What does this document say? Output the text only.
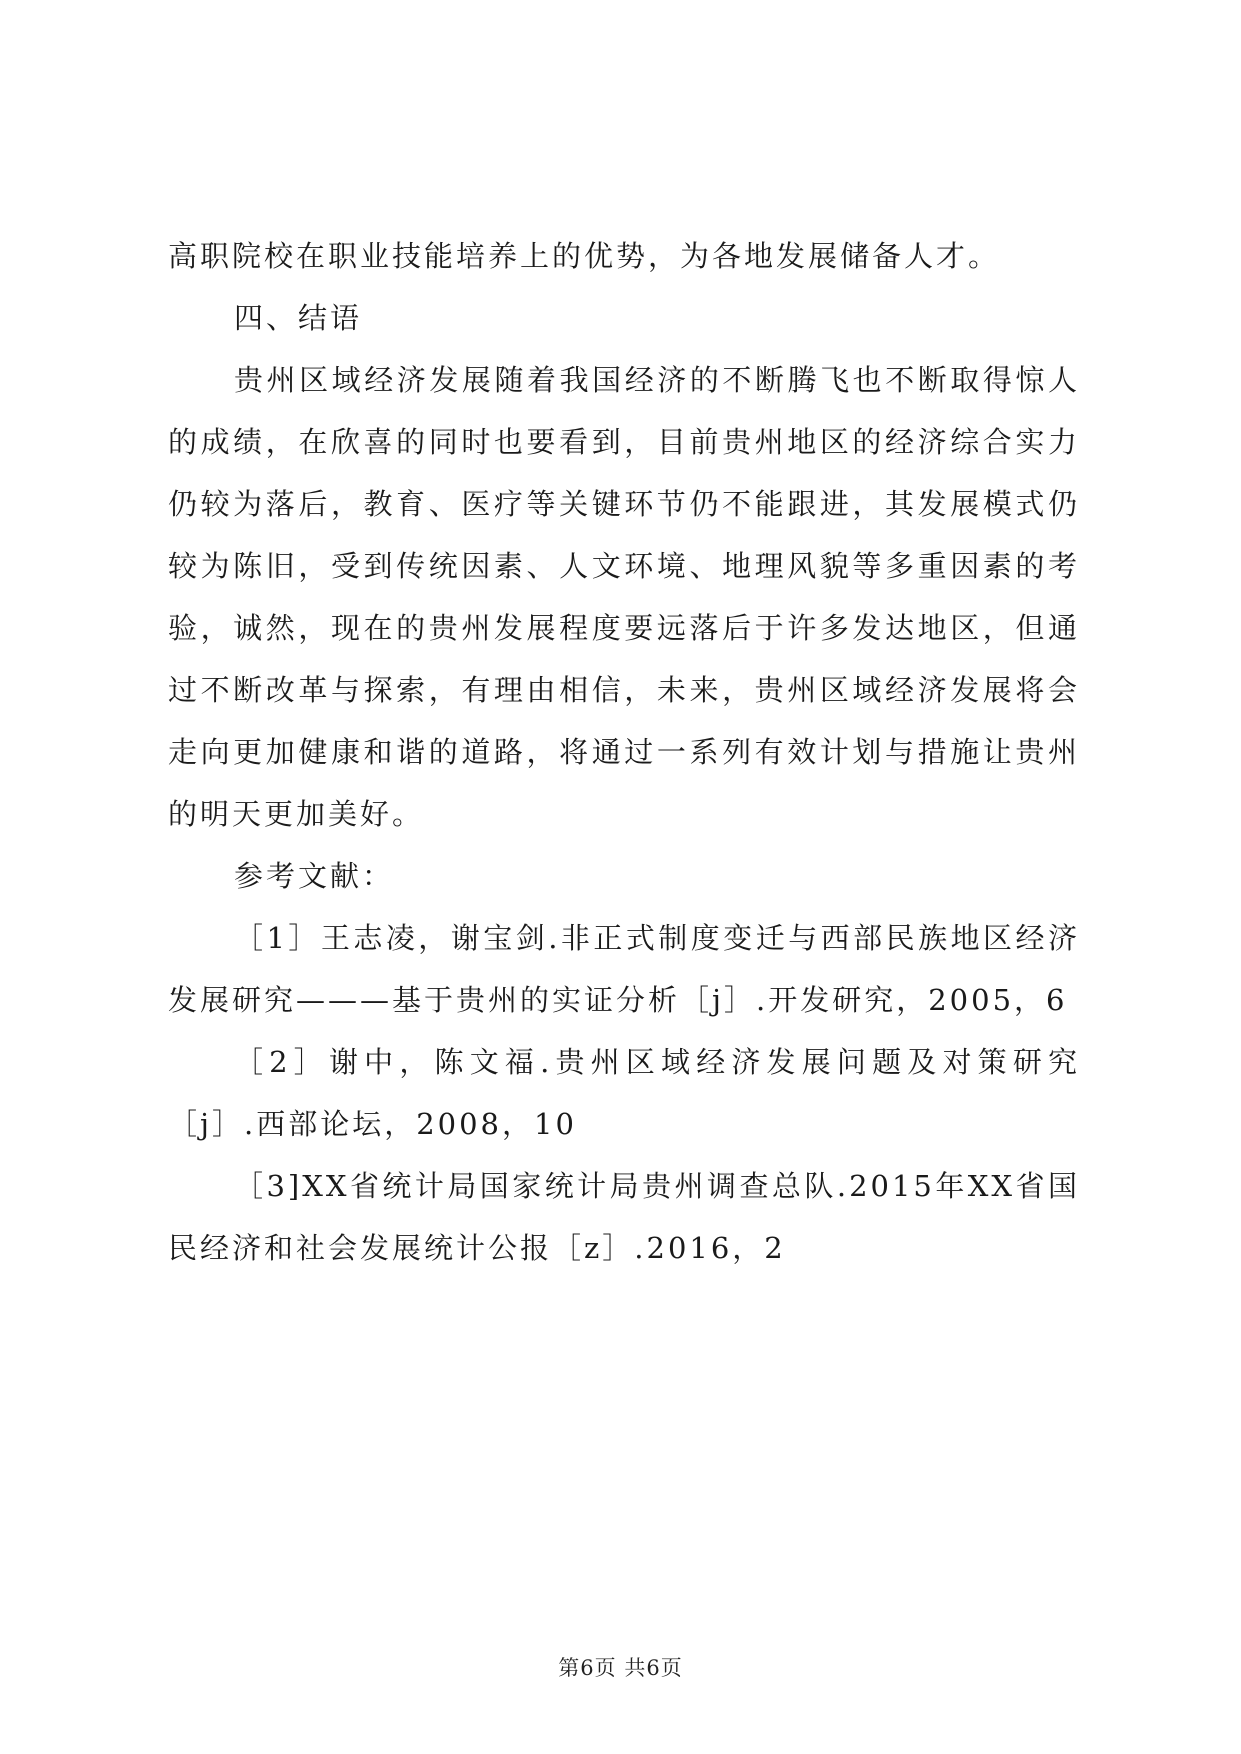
高职院校在职业技能培养上的优势，为各地发展储备人才。

四、结语

贵州区域经济发展随着我国经济的不断腾飞也不断取得惊人的成绩，在欣喜的同时也要看到，目前贵州地区的经济综合实力仍较为落后，教育、医疗等关键环节仍不能跟进，其发展模式仍较为陈旧，受到传统因素、人文环境、地理风貌等多重因素的考验，诚然，现在的贵州发展程度要远落后于许多发达地区，但通过不断改革与探索，有理由相信，未来，贵州区域经济发展将会走向更加健康和谐的道路，将通过一系列有效计划与措施让贵州的明天更加美好。

参考文献：

［1］王志凌，谢宝剑.非正式制度变迁与西部民族地区经济发展研究———基于贵州的实证分析［j］.开发研究，2005，6

［2］谢中，陈文福.贵州区域经济发展问题及对策研究［j］.西部论坛，2008，10

［3]XX省统计局国家统计局贵州调查总队.2015年XX省国民经济和社会发展统计公报［z］.2016，2

第6页 共6页
